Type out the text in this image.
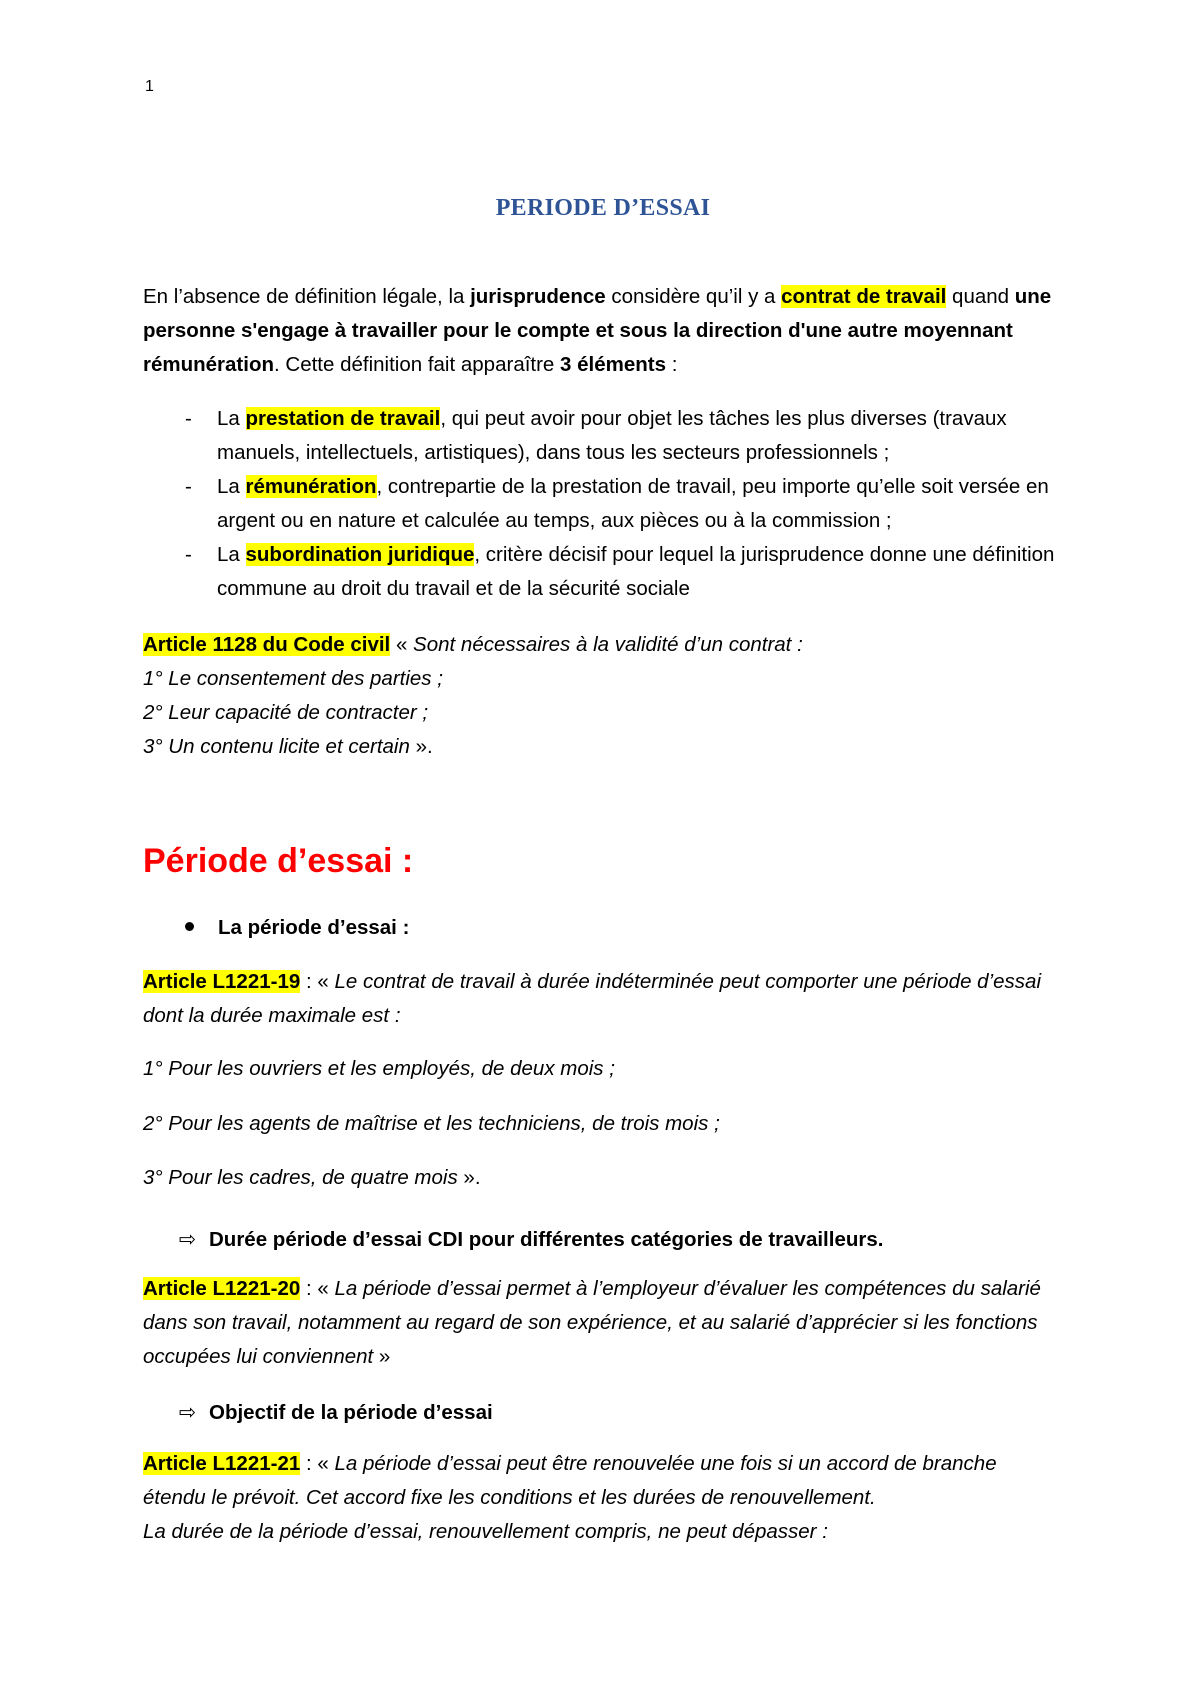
1
PERIODE D’ESSAI

En l’absence de définition légale, la jurisprudence considère qu’il y a contrat de travail quand une personne s'engage à travailler pour le compte et sous la direction d'une autre moyennant rémunération. Cette définition fait apparaître 3 éléments :

- La prestation de travail, qui peut avoir pour objet les tâches les plus diverses (travaux manuels, intellectuels, artistiques), dans tous les secteurs professionnels ;
- La rémunération, contrepartie de la prestation de travail, peu importe qu’elle soit versée en argent ou en nature et calculée au temps, aux pièces ou à la commission ;
- La subordination juridique, critère décisif pour lequel la jurisprudence donne une définition commune au droit du travail et de la sécurité sociale

Article 1128 du Code civil « Sont nécessaires à la validité d’un contrat :

1° Le consentement des parties ;

2° Leur capacité de contracter ;

3° Un contenu licite et certain ».

Période d’essai :
La période d’essai :

Article L1221-19 : « Le contrat de travail à durée indéterminée peut comporter une période d’essai dont la durée maximale est :

1° Pour les ouvriers et les employés, de deux mois ;

2° Pour les agents de maîtrise et les techniciens, de trois mois ;

3° Pour les cadres, de quatre mois ».

⇨ Durée période d’essai CDI pour différentes catégories de travailleurs.

Article L1221-20 : « La période d’essai permet à l’employeur d’évaluer les compétences du salarié dans son travail, notamment au regard de son expérience, et au salarié d’apprécier si les fonctions occupées lui conviennent »

⇨ Objectif de la période d’essai

Article L1221-21 : « La période d’essai peut être renouvelée une fois si un accord de branche étendu le prévoit. Cet accord fixe les conditions et les durées de renouvellement.
La durée de la période d’essai, renouvellement compris, ne peut dépasser :
